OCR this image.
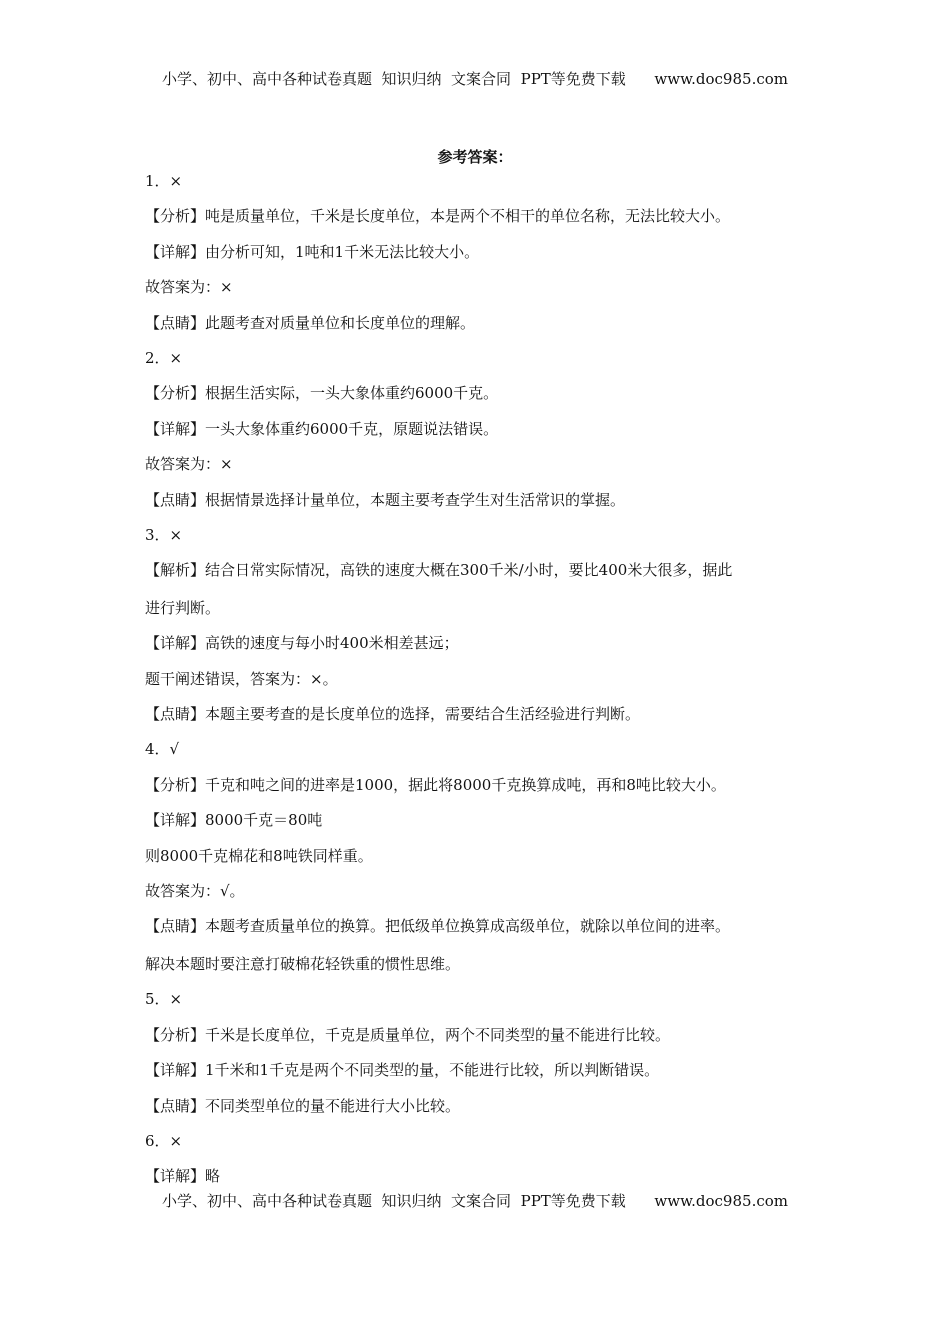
小学、初中、高中各种试卷真题  知识归纳  文案合同  PPT等免费下载      www.doc985.com
参考答案：
1．×
【分析】吨是质量单位，千米是长度单位，本是两个不相干的单位名称，无法比较大小。
【详解】由分析可知，1吨和1千米无法比较大小。
故答案为：×
【点睛】此题考查对质量单位和长度单位的理解。
2．×
【分析】根据生活实际，一头大象体重约6000千克。
【详解】一头大象体重约6000千克，原题说法错误。
故答案为：×
【点睛】根据情景选择计量单位，本题主要考查学生对生活常识的掌握。
3．×
【解析】结合日常实际情况，高铁的速度大概在300千米/小时，要比400米大很多，据此
进行判断。
【详解】高铁的速度与每小时400米相差甚远；
题干阐述错误，答案为：×。
【点睛】本题主要考查的是长度单位的选择，需要结合生活经验进行判断。
4．√
【分析】千克和吨之间的进率是1000，据此将8000千克换算成吨，再和8吨比较大小。
【详解】8000千克＝80吨
则8000千克棉花和8吨铁同样重。
故答案为：√。
【点睛】本题考查质量单位的换算。把低级单位换算成高级单位，就除以单位间的进率。
解决本题时要注意打破棉花轻铁重的惯性思维。
5．×
【分析】千米是长度单位，千克是质量单位，两个不同类型的量不能进行比较。
【详解】1千米和1千克是两个不同类型的量，不能进行比较，所以判断错误。
【点睛】不同类型单位的量不能进行大小比较。
6．×
【详解】略
小学、初中、高中各种试卷真题  知识归纳  文案合同  PPT等免费下载      www.doc985.com
